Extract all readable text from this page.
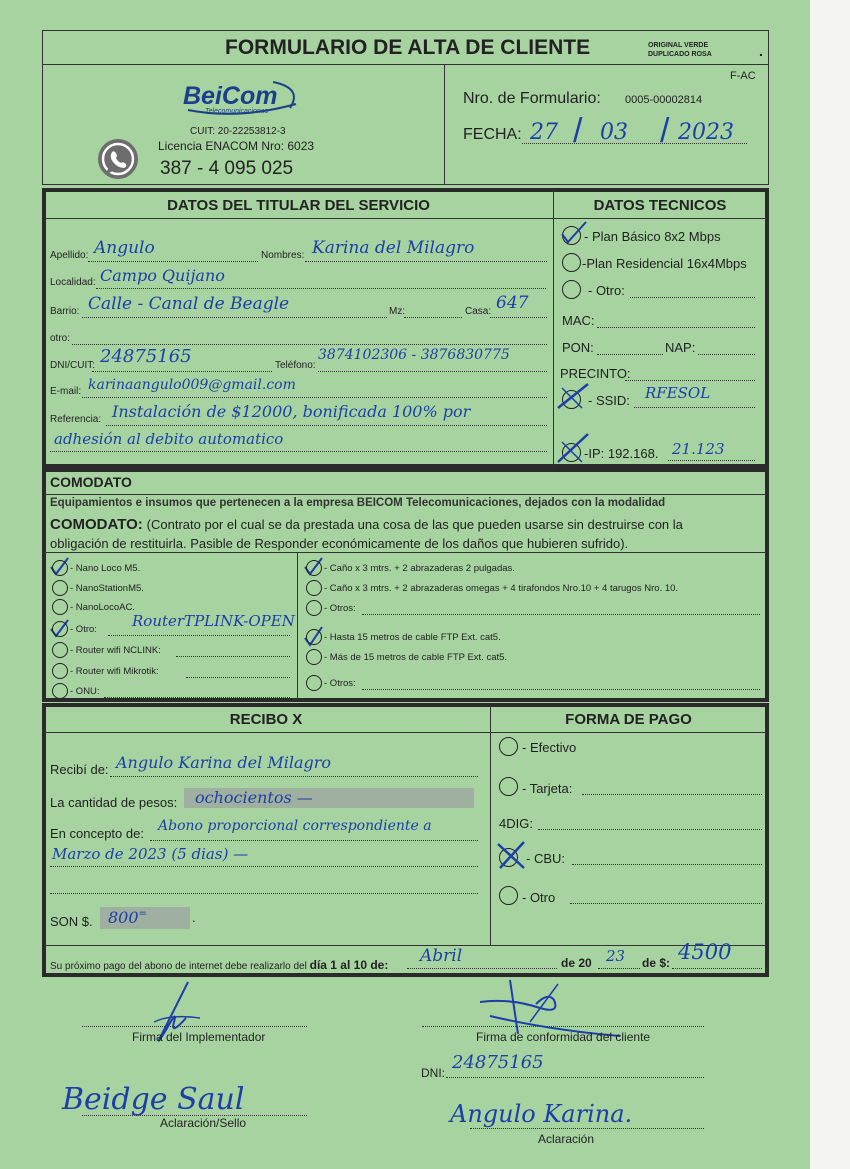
FORMULARIO DE ALTA DE CLIENTE	ORIGINAL VERDE
DUPLICADO ROSA	.
F-AC
BeiCom
Telecomunicaciones
CUIT: 20-22253812-3
Licencia ENACOM Nro: 6023
387 - 4 095 025
Nro. de Formulario: 0005-00002814
FECHA: 27 / 03 / 2023
DATOS DEL TITULAR DEL SERVICIO	DATOS TECNICOS
Apellido: Angulo	Nombres: Karina del Milagro
Localidad: Campo Quijano
Barrio: Calle - Canal de Beagle	Mz:	Casa: 647
otro:
DNI/CUIT: 24875165	Teléfono:
3874102306 - 3876830775
E-mail: karinaangulo009@gmail.com
Referencia: Instalación de $12000, bonificada 100% por
adhesión al debito automatico
- Plan Básico 8x2 Mbps
-Plan Residencial 16x4Mbps
- Otro:
MAC:
PON:	NAP:
PRECINTO:
- SSID: RFESOL
-IP: 192.168. 21.123
COMODATO
Equipamientos e insumos que pertenecen a la empresa BEICOM Telecomunicaciones, dejados con la modalidad
COMODATO: (Contrato por el cual se da prestada una cosa de las que pueden usarse sin destruirse con la
obligación de restituirla. Pasible de Responder económicamente de los daños que hubieren sufrido).
RouterTPLINK-OPEN
RECIBO X	FORMA DE PAGO
Recibí de: Angulo Karina del Milagro
La cantidad de pesos: ochocientos —
En concepto de: Abono proporcional correspondiente a
Marzo de 2023 (5 dias) —
SON $. 800=	.
Su próximo pago del abono de internet debe realizarlo del día 1 al 10 de: Abril	de 20 23 de $: 4500
- Efectivo
- Tarjeta:
4DIG:
- CBU:
- Otro
Firma del Implementador	Firma de conformidad del cliente
DNI: 24875165
Beidge Saul
Aclaración/Sello	Angulo Karina.
Aclaración
- Nano Loco M5.
- NanoStationM5.
- NanoLocoAC.
- Otro:
- Router wifi NCLINK:
- Router wifi Mikrotik:
- ONU:
- Caño x 3 mtrs. + 2 abrazaderas 2 pulgadas.
- Caño x 3 mtrs. + 2 abrazaderas omegas + 4 tirafondos Nro.10 + 4 tarugos Nro. 10.
- Otros:
- Hasta 15 metros de cable FTP Ext. cat5.
- Más de 15 metros de cable FTP Ext. cat5.
- Otros:
